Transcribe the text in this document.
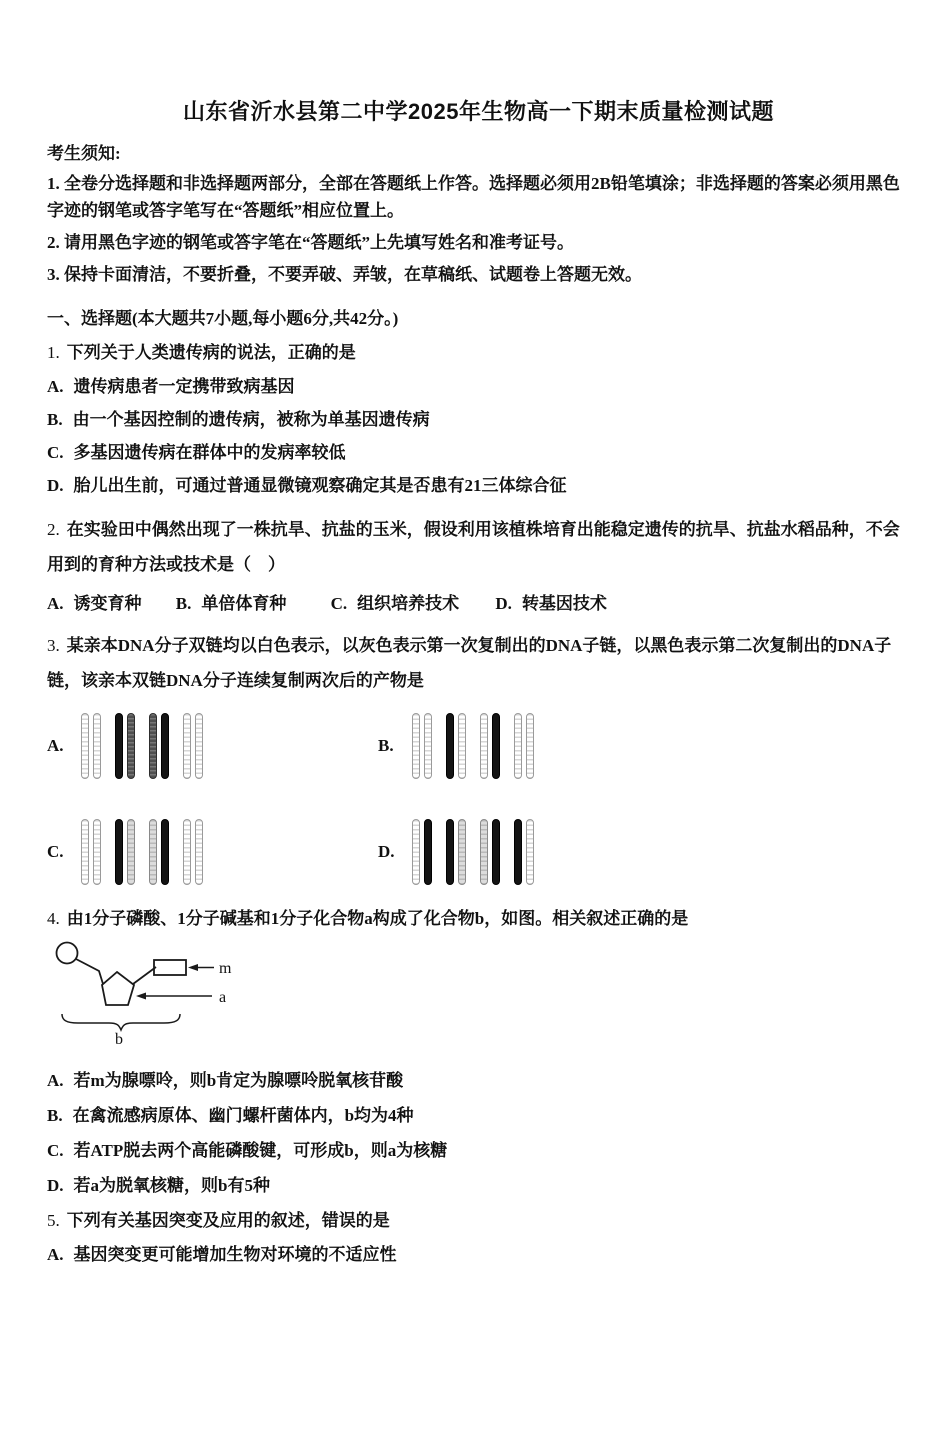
山东省沂水县第二中学2025年生物高一下期末质量检测试题
考生须知:

1. 全卷分选择题和非选择题两部分，全部在答题纸上作答。选择题必须用2B铅笔填涂；非选择题的答案必须用黑色字迹的钢笔或答字笔写在“答题纸”相应位置上。

2. 请用黑色字迹的钢笔或答字笔在“答题纸”上先填写姓名和准考证号。

3. 保持卡面清洁，不要折叠，不要弄破、弄皱，在草稿纸、试题卷上答题无效。

一、选择题(本大题共7小题,每小题6分,共42分。)
1. 下列关于人类遗传病的说法，正确的是
A. 遗传病患者一定携带致病基因
B. 由一个基因控制的遗传病，被称为单基因遗传病
C. 多基因遗传病在群体中的发病率较低
D. 胎儿出生前，可通过普通显微镜观察确定其是否患有21三体综合征
2. 在实验田中偶然出现了一株抗旱、抗盐的玉米，假设利用该植株培育出能稳定遗传的抗旱、抗盐水稻品种，不会用到的育种方法或技术是（　）
A. 诱变育种 B. 单倍体育种	C. 组织培养技术 D. 转基因技术
3. 某亲本DNA分子双链均以白色表示，以灰色表示第一次复制出的DNA子链，以黑色表示第二次复制出的DNA子链，该亲本双链DNA分子连续复制两次后的产物是
A.	B.
C.	D.
4. 由1分子磷酸、1分子碱基和1分子化合物a构成了化合物b，如图。相关叙述正确的是
m
a
b
A. 若m为腺嘌呤，则b肯定为腺嘌呤脱氧核苷酸
B. 在禽流感病原体、幽门螺杆菌体内，b均为4种
C. 若ATP脱去两个高能磷酸键，可形成b，则a为核糖
D. 若a为脱氧核糖，则b有5种
5. 下列有关基因突变及应用的叙述，错误的是
A. 基因突变更可能增加生物对环境的不适应性
